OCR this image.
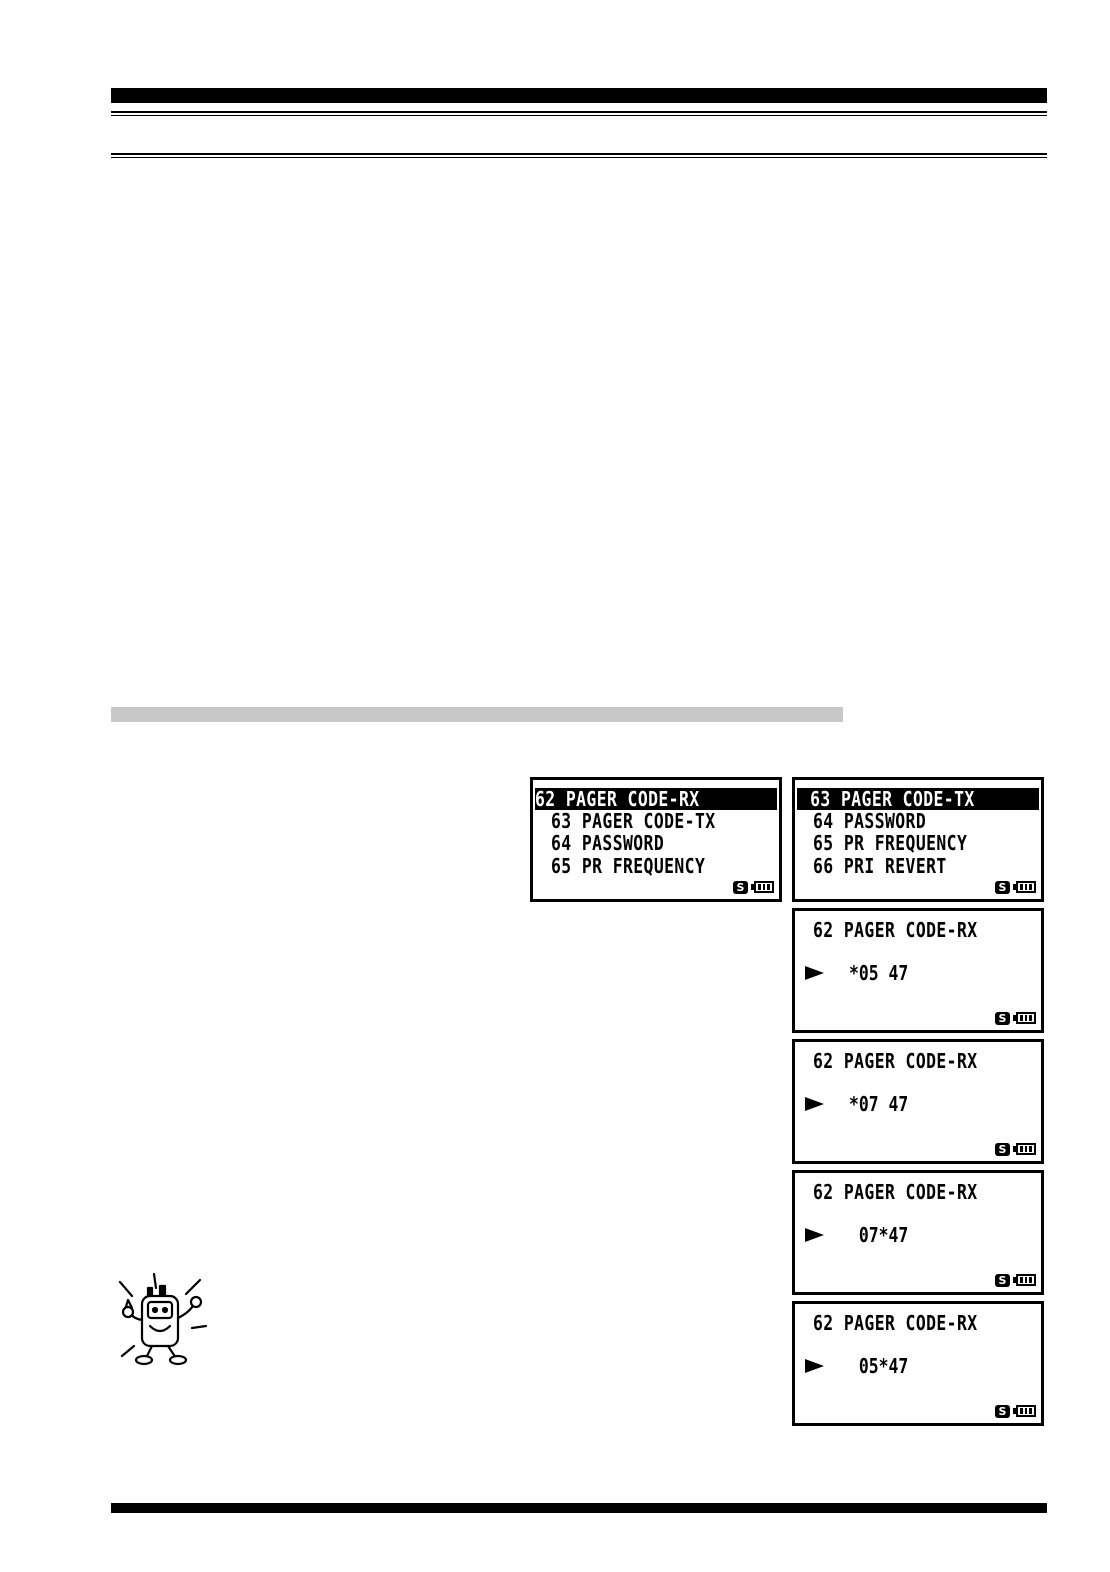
62 PAGER CODE-RX
63 PAGER CODE-TX
64 PASSWORD
65 PR FREQUENCY
S
63 PAGER CODE-TX
64 PASSWORD
65 PR FREQUENCY
66 PRI REVERT
S
62 PAGER CODE-RX
*05 47
S
62 PAGER CODE-RX
*07 47
S
62 PAGER CODE-RX
07*47
S
62 PAGER CODE-RX
05*47
S
